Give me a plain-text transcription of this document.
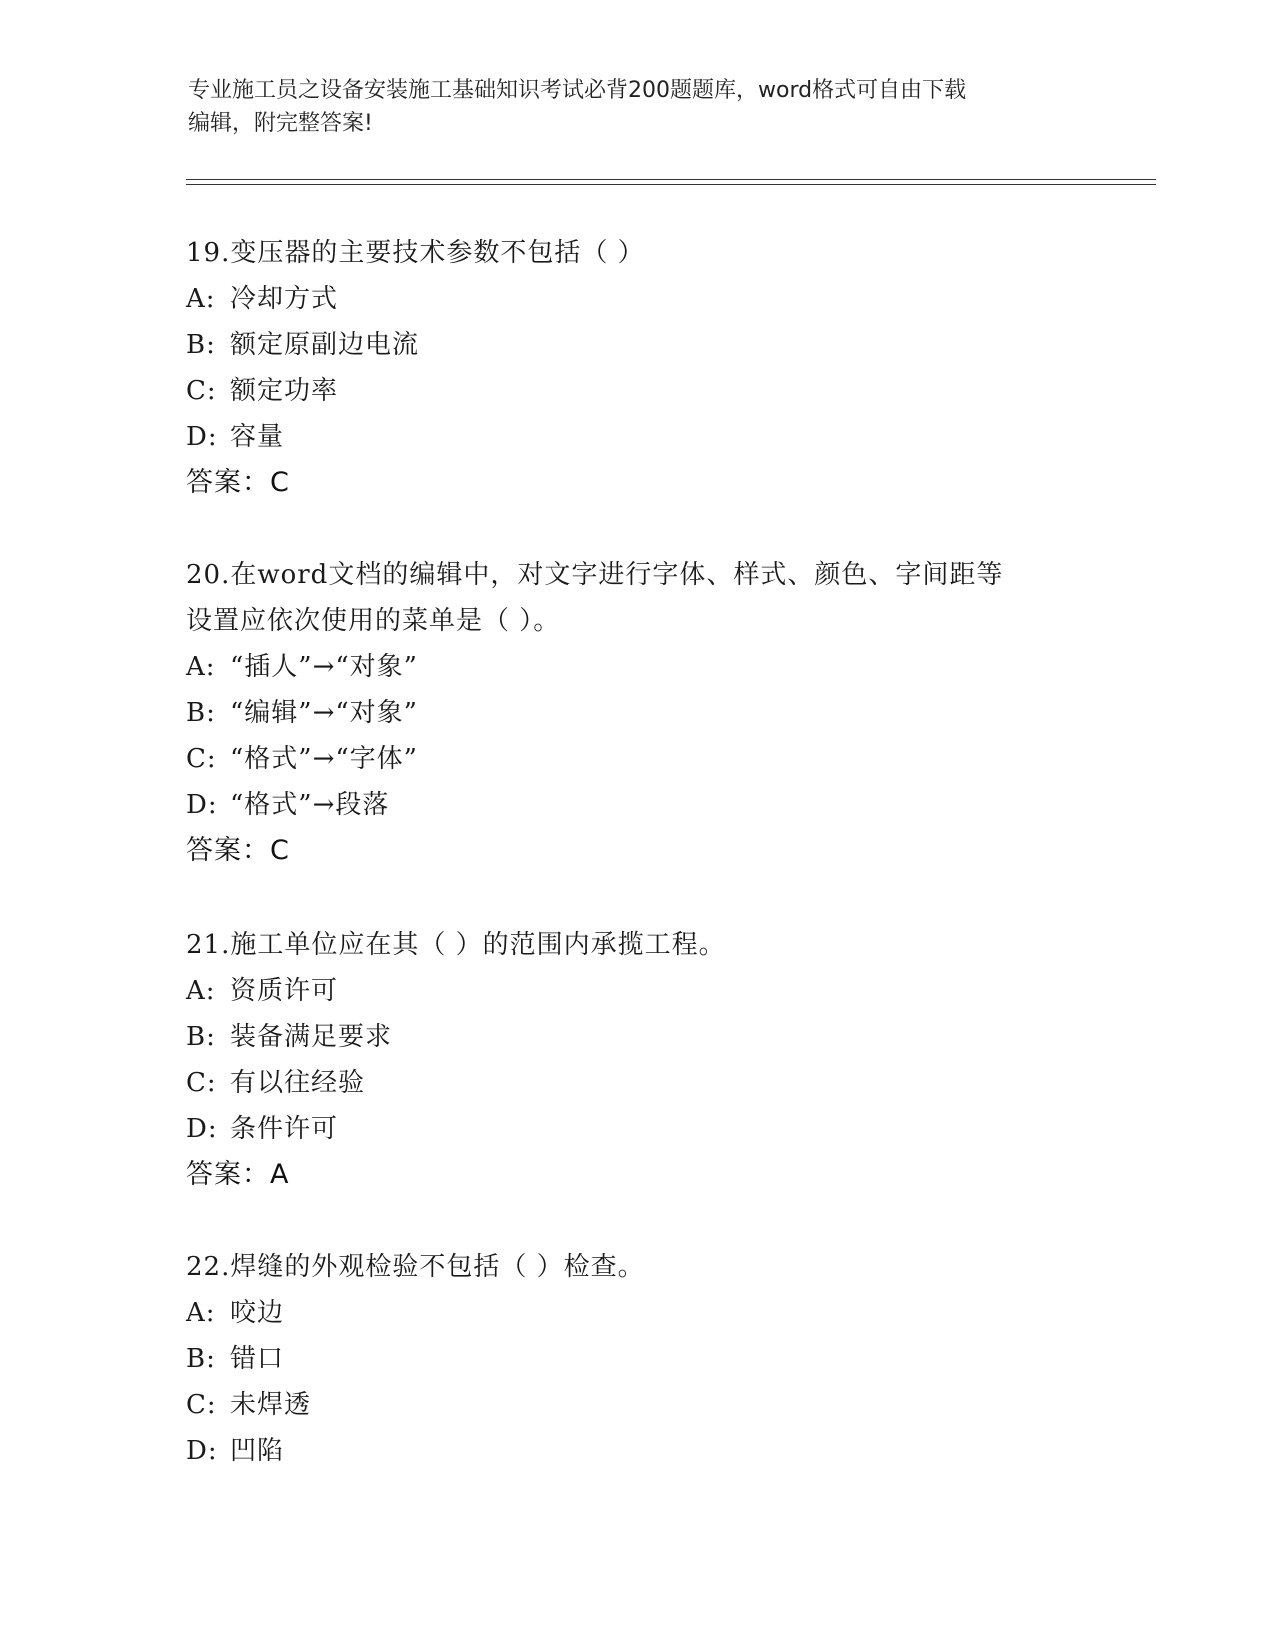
专业施工员之设备安装施工基础知识考试必背200题题库，word格式可自由下载
编辑，附完整答案!
19.变压器的主要技术参数不包括（ ）
A: 冷却方式
B: 额定原副边电流
C: 额定功率
D: 容量
答案：C
20.在word文档的编辑中，对文字进行字体、样式、颜色、字间距等
设置应依次使用的菜单是（ ）。
A: “插人”→“对象”
B: “编辑”→“对象”
C: “格式”→“字体”
D: “格式”→段落
答案：C
21.施工单位应在其（ ）的范围内承揽工程。
A: 资质许可
B: 装备满足要求
C: 有以往经验
D: 条件许可
答案：A
22.焊缝的外观检验不包括（ ）检查。
A: 咬边
B: 错口
C: 未焊透
D: 凹陷
